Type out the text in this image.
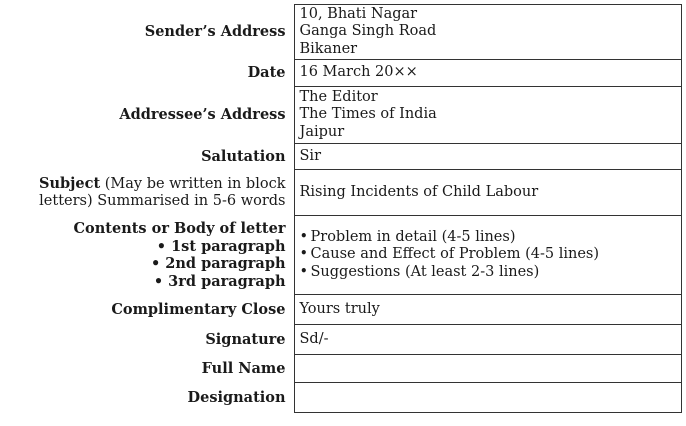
Sender’s Address	10, Bhati Nagar
Ganga Singh Road
Bikaner

Date	16 March 20××
Addressee’s Address	The Editor
The Times of India
Jaipur

Salutation	Sir

Subject (May be written in block
letters) Summarised in 5-6 words	Rising Incidents of Child Labour

Contents or Body of letter
• 1st paragraph
• 2nd paragraph
• 3rd paragraph	• Problem in detail (4-5 lines)
• Cause and Effect of Problem (4-5 lines)
• Suggestions (At least 2-3 lines)

Complimentary Close	Yours truly
Signature	Sd/-
Full Name	
Designation	
